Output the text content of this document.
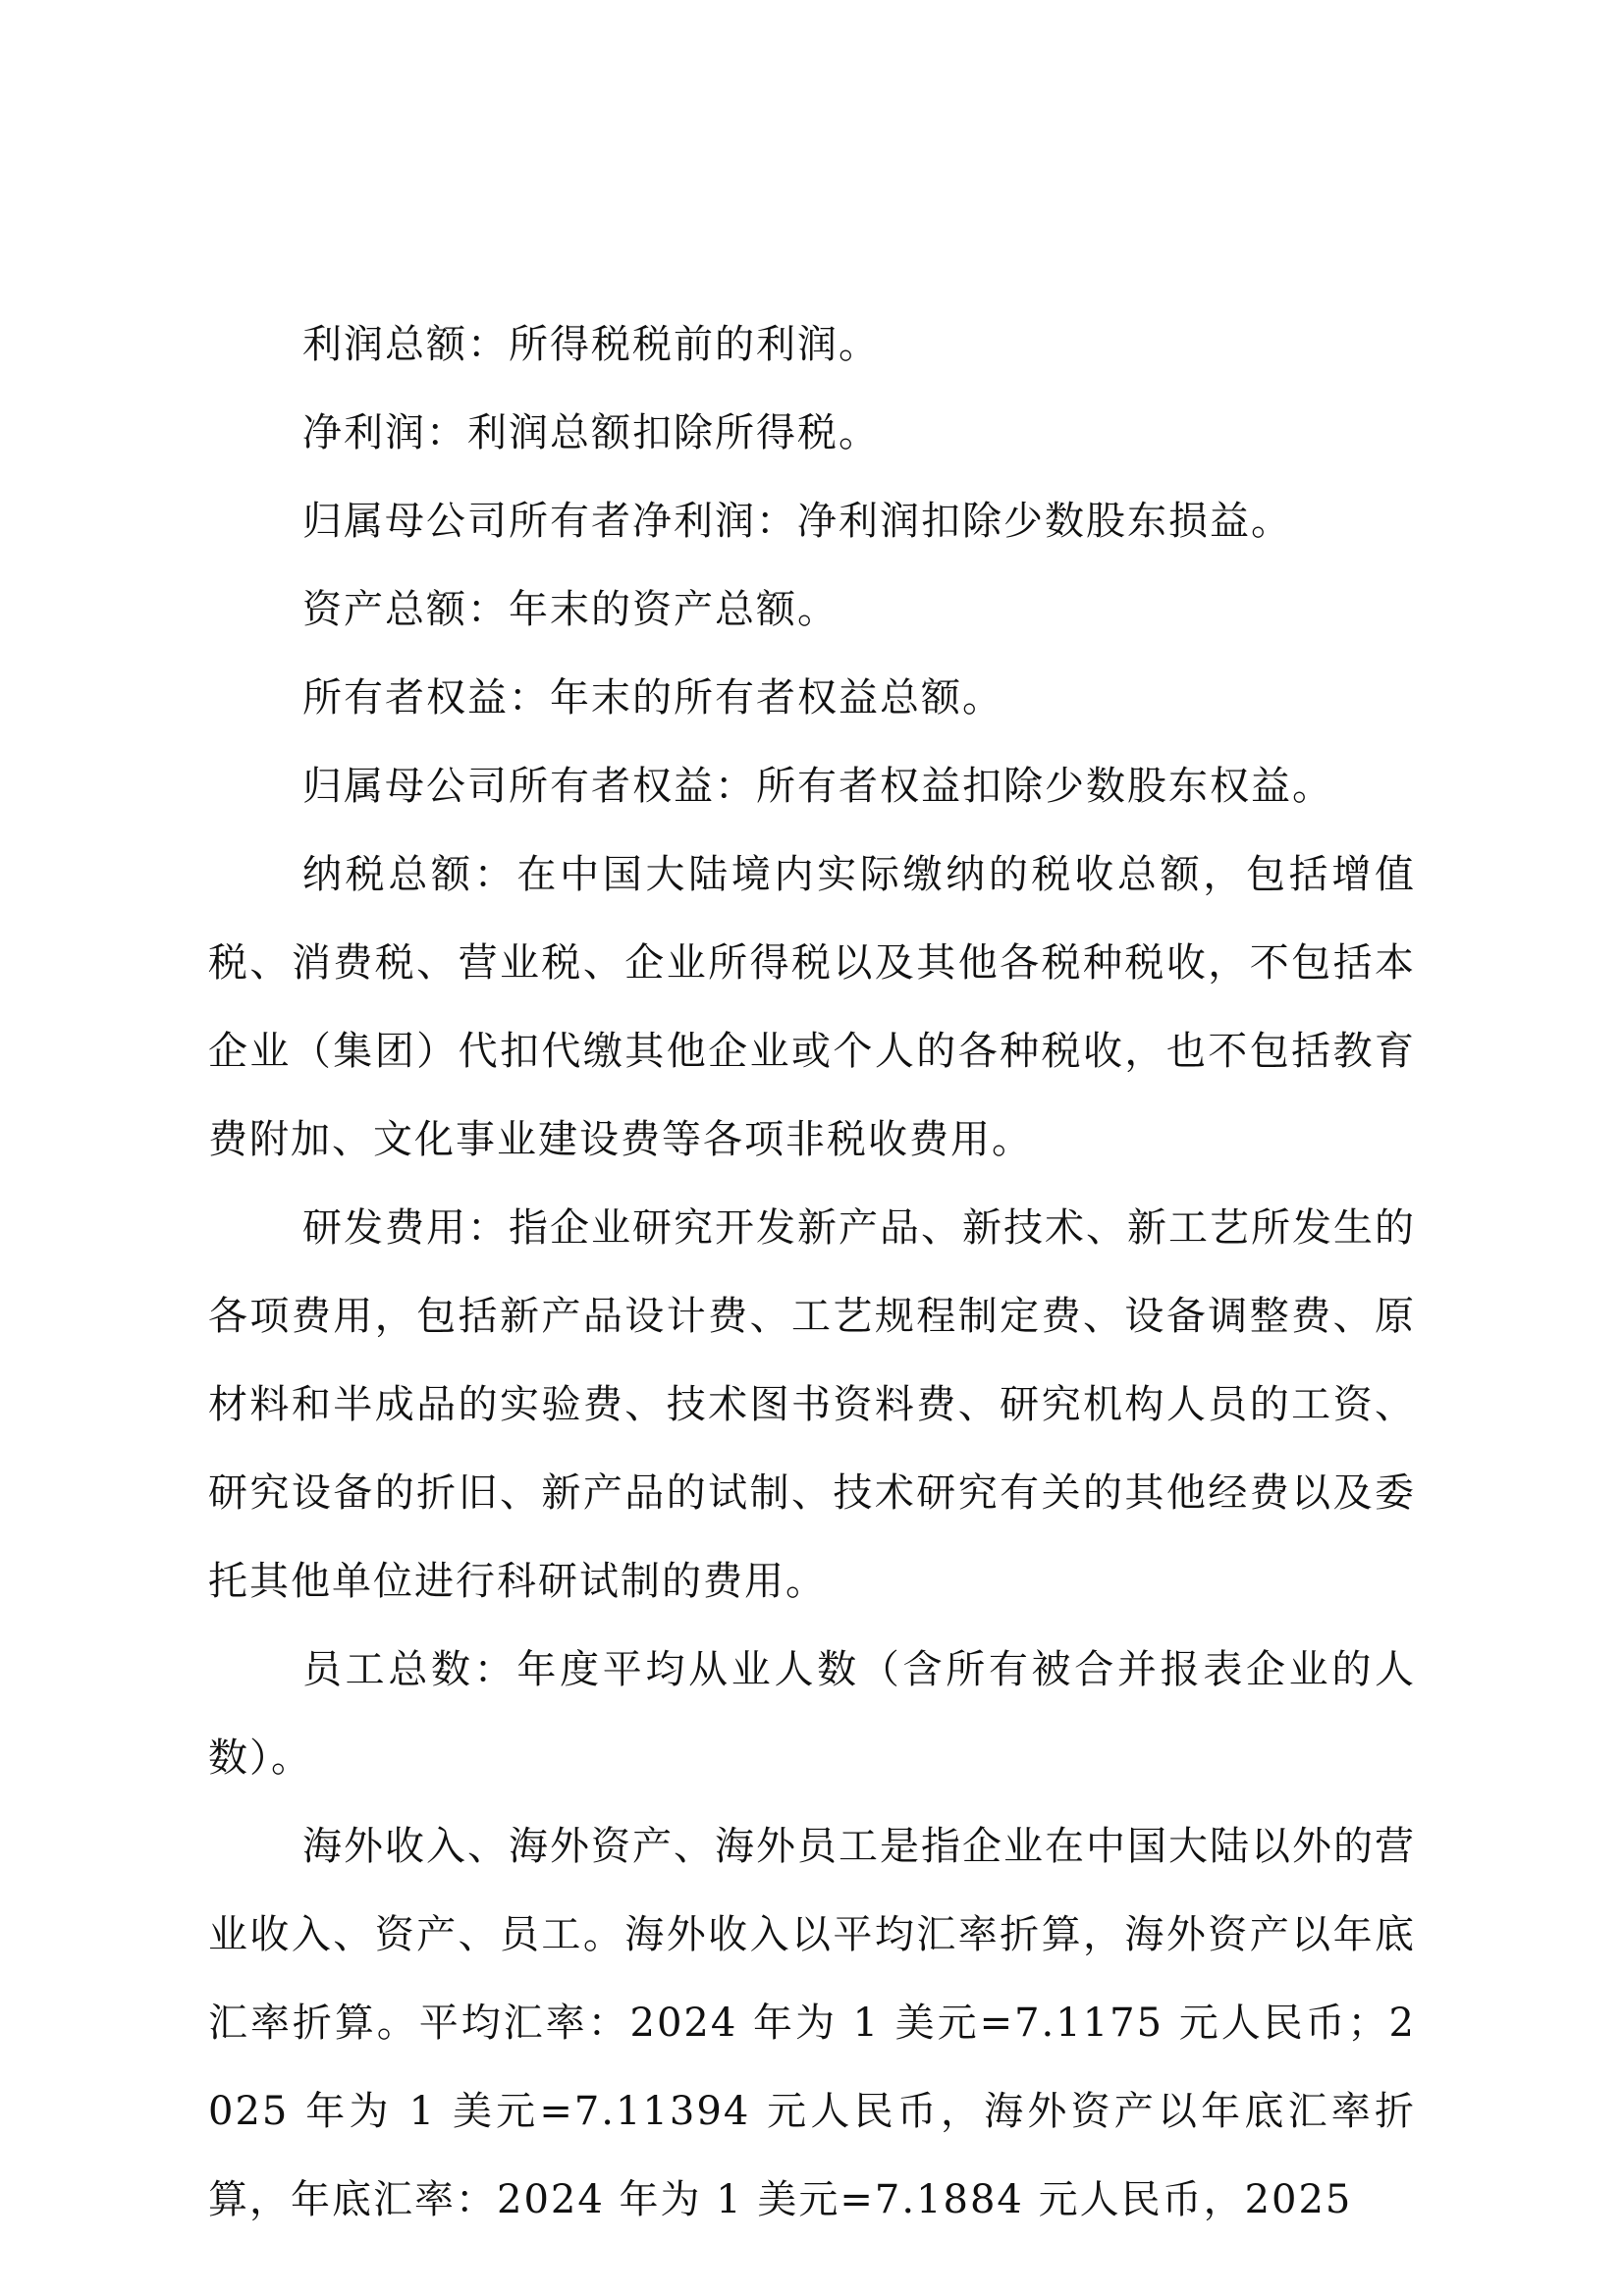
利润总额：所得税税前的利润。

净利润：利润总额扣除所得税。

归属母公司所有者净利润：净利润扣除少数股东损益。

资产总额：年末的资产总额。

所有者权益：年末的所有者权益总额。

归属母公司所有者权益：所有者权益扣除少数股东权益。

纳税总额：在中国大陆境内实际缴纳的税收总额，包括增值税、消费税、营业税、企业所得税以及其他各税种税收，不包括本企业（集团）代扣代缴其他企业或个人的各种税收，也不包括教育费附加、文化事业建设费等各项非税收费用。

研发费用：指企业研究开发新产品、新技术、新工艺所发生的各项费用，包括新产品设计费、工艺规程制定费、设备调整费、原材料和半成品的实验费、技术图书资料费、研究机构人员的工资、研究设备的折旧、新产品的试制、技术研究有关的其他经费以及委托其他单位进行科研试制的费用。

员工总数：年度平均从业人数（含所有被合并报表企业的人数）。

海外收入、海外资产、海外员工是指企业在中国大陆以外的营业收入、资产、员工。海外收入以平均汇率折算，海外资产以年底汇率折算。平均汇率：2024 年为 1 美元=7.1175 元人民币；2025 年为 1 美元=7.11394 元人民币，海外资产以年底汇率折算，年底汇率：2024 年为 1 美元=7.1884 元人民币，2025
